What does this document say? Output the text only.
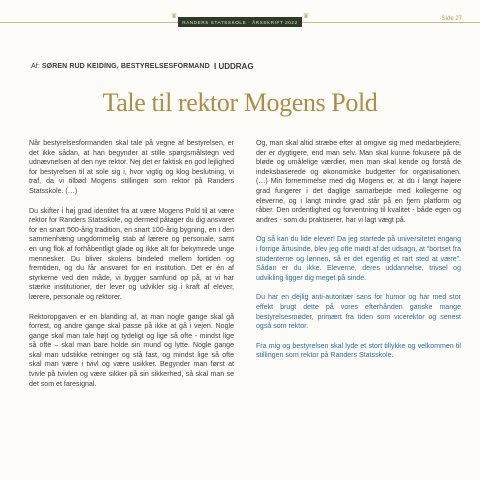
♛
RANDERS STATSSKOLE · ÅRSSKRIFT 2022
♛	Side 27
Af: SØREN RUD KEIDING, BESTYRELSESFORMAND I UDDRAG
Tale til rektor Mogens Pold

Når bestyrelsesformanden skal tale på vegne af bestyrelsen, er det ikke sådan, at han begynder at stille spørgsmålstegn ved udnævnelsen af den nye rektor. Nej det er faktisk en god lejlighed for bestyrelsen til at sole sig i, hvor vigtig og klog beslutning, vi traf, da vi tilbød Mogens stillingen som rektor på Randers Statsskole. (…)

Du skifter i høj grad identitet fra at være Mogens Pold til at være rektor for Randers Statsskole, og dermed påtager du dig ansvaret for en snart 500-årig tradition, en snart 100-årig bygning, en i den sammenhæng ungdommelig stab af lærere og personale, samt en ung flok af forhåbentligt glade og ikke alt for bekymrede unge mennesker. Du bliver skolens bindeled mellem fortiden og fremtiden, og du får ansvaret for en institution. Det er én af styrkerne ved den måde, vi bygger samfund op på, at vi har stærke institutioner, der lever og udvikler sig i kraft af elever, lærere, personale og rektorer.

Rektoropgaven er en blanding af, at man nogle gange skal gå forrest, og andre gange skal passe på ikke at gå i vejen. Nogle gange skal man tale højt og tydeligt og lige så ofte - mindst lige så ofte – skal man bare holde sin mund og lytte. Nogle gange skal man udstikke retninger og stå fast, og mindst lige så ofte skal man være i tvivl og være usikker. Begynder man først at tvivle på tvivlen og være sikker på sin sikkerhed, så skal man se det som et faresignal.

Og, man skal altid stræbe efter at omgive sig med medarbejdere, der er dygtigere, end man selv. Man skal kunne fokusere på de bløde og umålelige værdier, men man skal kende og forstå de indeksbaserede og økonomiske budgetter for organisationen. (…) Min fornemmelse med dig Mogens er, at du i langt højere grad fungerer i det daglige samarbejde med kollegerne og eleverne, og i langt mindre grad står på en fjern platform og råber. Den ordentlighed og forventning til kvalitet - både egen og andres - som du praktiserer, har vi lagt vægt på.

Og så kan du lide elever! Da jeg startede på universitetet engang i forrige årtusinde, blev jeg ofte mødt af det udsagn, at “bortset fra studenterne og lønnen, så er det egentlig et rart sted at være”. Sådan er du ikke. Eleverne, deres uddannelse, trivsel og udvikling ligger dig meget på sinde.

Du har en dejlig anti-autoritær sans for humor og har med stor effekt brugt dette på vores efterhånden ganske mange bestyrelsesmøder, primært fra tiden som vicerektor og senest også som rektor.

Fra mig og bestyrelsen skal lyde et stort tillykke og velkommen til stillingen som rektor på Randers Statsskole.
